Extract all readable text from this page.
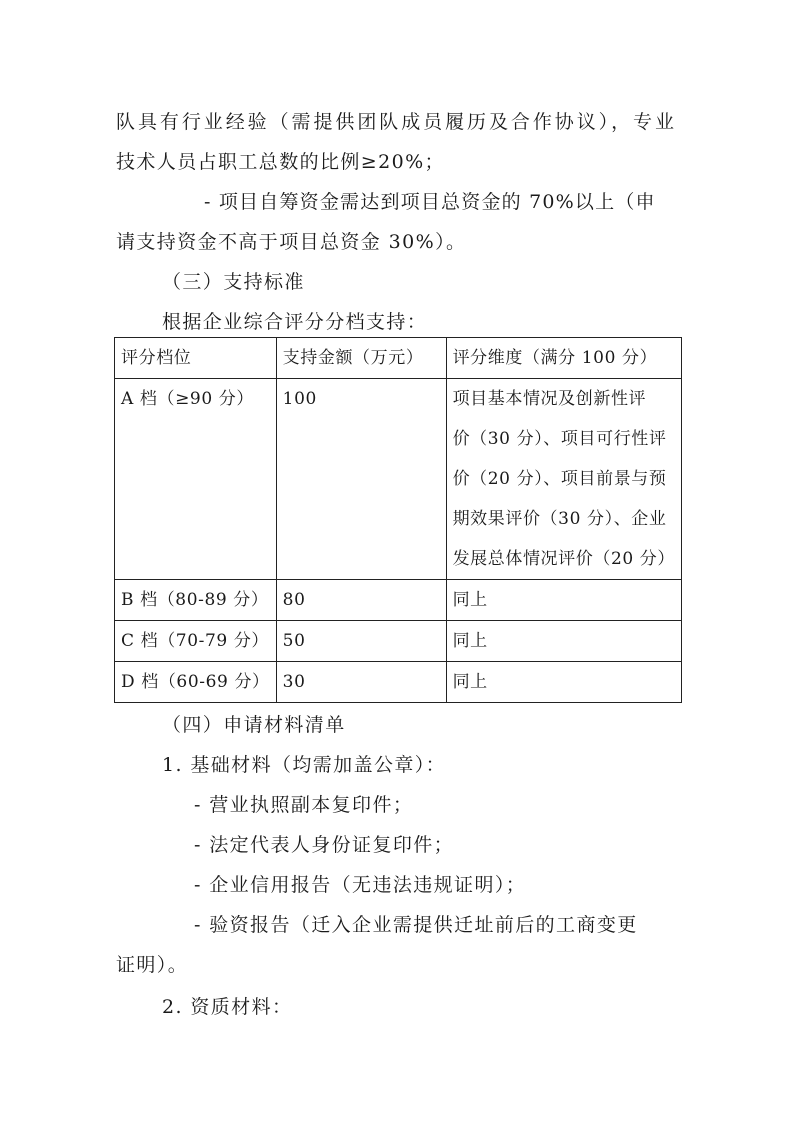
队具有行业经验（需提供团队成员履历及合作协议），专业
技术人员占职工总数的比例≥20%；
- 项目自筹资金需达到项目总资金的 70%以上（申
请支持资金不高于项目总资金 30%）。
（三）支持标准
根据企业综合评分分档支持：
评分档位	支持金额（万元）	评分维度（满分 100 分）
A 档（≥90 分）	100	项目基本情况及创新性评
价（30 分）、项目可行性评
价（20 分）、项目前景与预
期效果评价（30 分）、企业
发展总体情况评价（20 分）

B 档（80-89 分）	80	同上
C 档（70-79 分）	50	同上
D 档（60-69 分）	30	同上
（四）申请材料清单
1. 基础材料（均需加盖公章）：
- 营业执照副本复印件；
- 法定代表人身份证复印件；
- 企业信用报告（无违法违规证明）；
- 验资报告（迁入企业需提供迁址前后的工商变更
证明）。
2. 资质材料：
